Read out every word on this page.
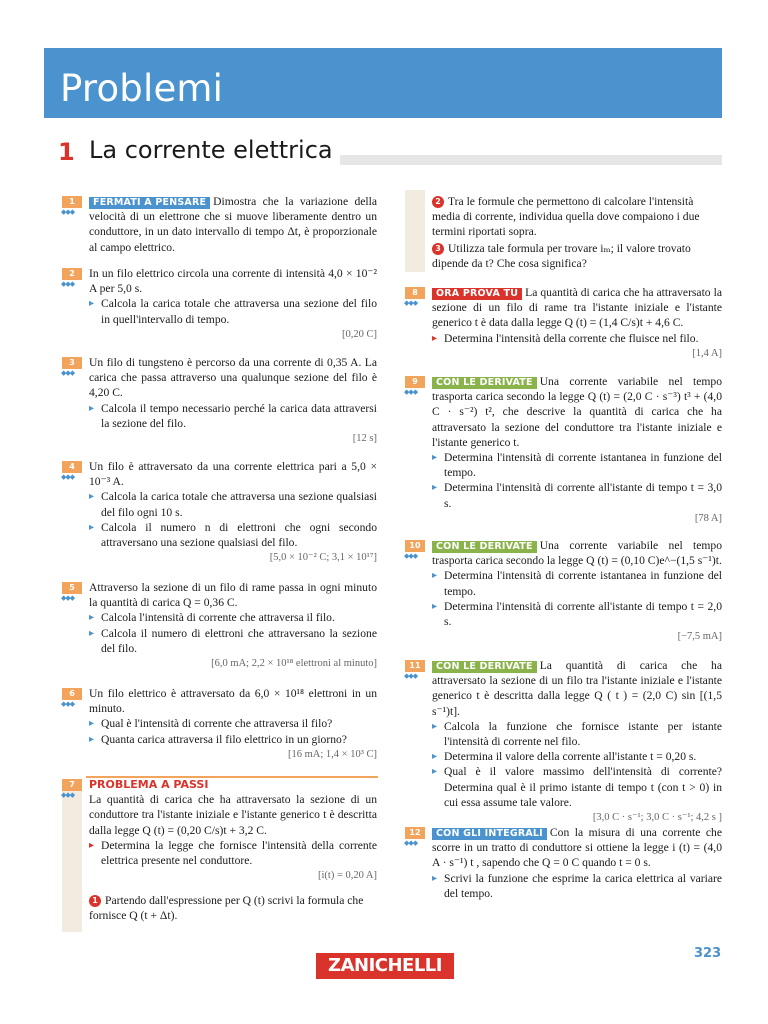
Problemi
1 La corrente elettrica
1
◆◆◆

FERMATI A PENSARE Dimostra che la variazione della velocità di un elettrone che si muove liberamente dentro un conduttore, in un dato intervallo di tempo Δt, è proporzionale al campo elettrico.

2
◆◆◆

In un filo elettrico circola una corrente di intensità 4,0 × 10⁻² A per 5,0 s.

▸ Calcola la carica totale che attraversa una sezione del filo in quell'intervallo di tempo.

[0,20 C]

3
◆◆◆

Un filo di tungsteno è percorso da una corrente di 0,35 A. La carica che passa attraverso una qualunque sezione del filo è 4,20 C.

▸ Calcola il tempo necessario perché la carica data attraversi la sezione del filo.

[12 s]

4
◆◆◆

Un filo è attraversato da una corrente elettrica pari a 5,0 × 10⁻³ A.

▸ Calcola la carica totale che attraversa una sezione qualsiasi del filo ogni 10 s.

▸ Calcola il numero n di elettroni che ogni secondo attraversano una sezione qualsiasi del filo.

[5,0 × 10⁻² C; 3,1 × 10¹⁷]

5
◆◆◆

Attraverso la sezione di un filo di rame passa in ogni minuto la quantità di carica Q = 0,36 C.

▸ Calcola l'intensità di corrente che attraversa il filo.

▸ Calcola il numero di elettroni che attraversano la sezione del filo.

[6,0 mA; 2,2 × 10¹⁸ elettroni al minuto]

6
◆◆◆

Un filo elettrico è attraversato da 6,0 × 10¹⁸ elettroni in un minuto.

▸ Qual è l'intensità di corrente che attraversa il filo?

▸ Quanta carica attraversa il filo elettrico in un giorno?

[16 mA; 1,4 × 10³ C]

7
◆◆◆

PROBLEMA A PASSI

La quantità di carica che ha attraversato la sezione di un conduttore tra l'istante iniziale e l'istante generico t è descritta dalla legge Q (t) = (0,20 C/s)t + 3,2 C.

▸ Determina la legge che fornisce l'intensità della corrente elettrica presente nel conduttore.

[i(t) = 0,20 A]

1 Partendo dall'espressione per Q (t) scrivi la formula che fornisce Q (t + Δt).

2 Tra le formule che permettono di calcolare l'intensità media di corrente, individua quella dove compaiono i due termini riportati sopra.

3 Utilizza tale formula per trovare iₘ; il valore trovato dipende da t? Che cosa significa?

8
◆◆◆

ORA PROVA TU La quantità di carica che ha attraversato la sezione di un filo di rame tra l'istante iniziale e l'istante generico t è data dalla legge Q (t) = (1,4 C/s)t + 4,6 C.

▸ Determina l'intensità della corrente che fluisce nel filo.

[1,4 A]

9
◆◆◆

CON LE DERIVATE Una corrente variabile nel tempo trasporta carica secondo la legge Q (t) = (2,0 C · s⁻³) t³ + (4,0 C · s⁻²) t², che descrive la quantità di carica che ha attraversato la sezione del conduttore tra l'istante iniziale e l'istante generico t.

▸ Determina l'intensità di corrente istantanea in funzione del tempo.

▸ Determina l'intensità di corrente all'istante di tempo t = 3,0 s.

[78 A]

10
◆◆◆

CON LE DERIVATE Una corrente variabile nel tempo trasporta carica secondo la legge Q (t) = (0,10 C)e^−(1,5 s⁻¹)t.

▸ Determina l'intensità di corrente istantanea in funzione del tempo.

▸ Determina l'intensità di corrente all'istante di tempo t = 2,0 s.

[−7,5 mA]

11
◆◆◆

CON LE DERIVATE La quantità di carica che ha attraversato la sezione di un filo tra l'istante iniziale e l'istante generico t è descritta dalla legge Q ( t ) = (2,0 C) sin [(1,5 s⁻¹)t].

▸ Calcola la funzione che fornisce istante per istante l'intensità di corrente nel filo.

▸ Determina il valore della corrente all'istante t = 0,20 s.

▸ Qual è il valore massimo dell'intensità di corrente? Determina qual è il primo istante di tempo t (con t > 0) in cui essa assume tale valore.

[3,0 C · s⁻¹; 3,0 C · s⁻¹; 4,2 s ]

12
◆◆◆

CON GLI INTEGRALI Con la misura di una corrente che scorre in un tratto di conduttore si ottiene la legge i (t) = (4,0 A · s⁻¹) t , sapendo che Q = 0 C quando t = 0 s.

▸ Scrivi la funzione che esprime la carica elettrica al variare del tempo.

323
ZANICHELLI
